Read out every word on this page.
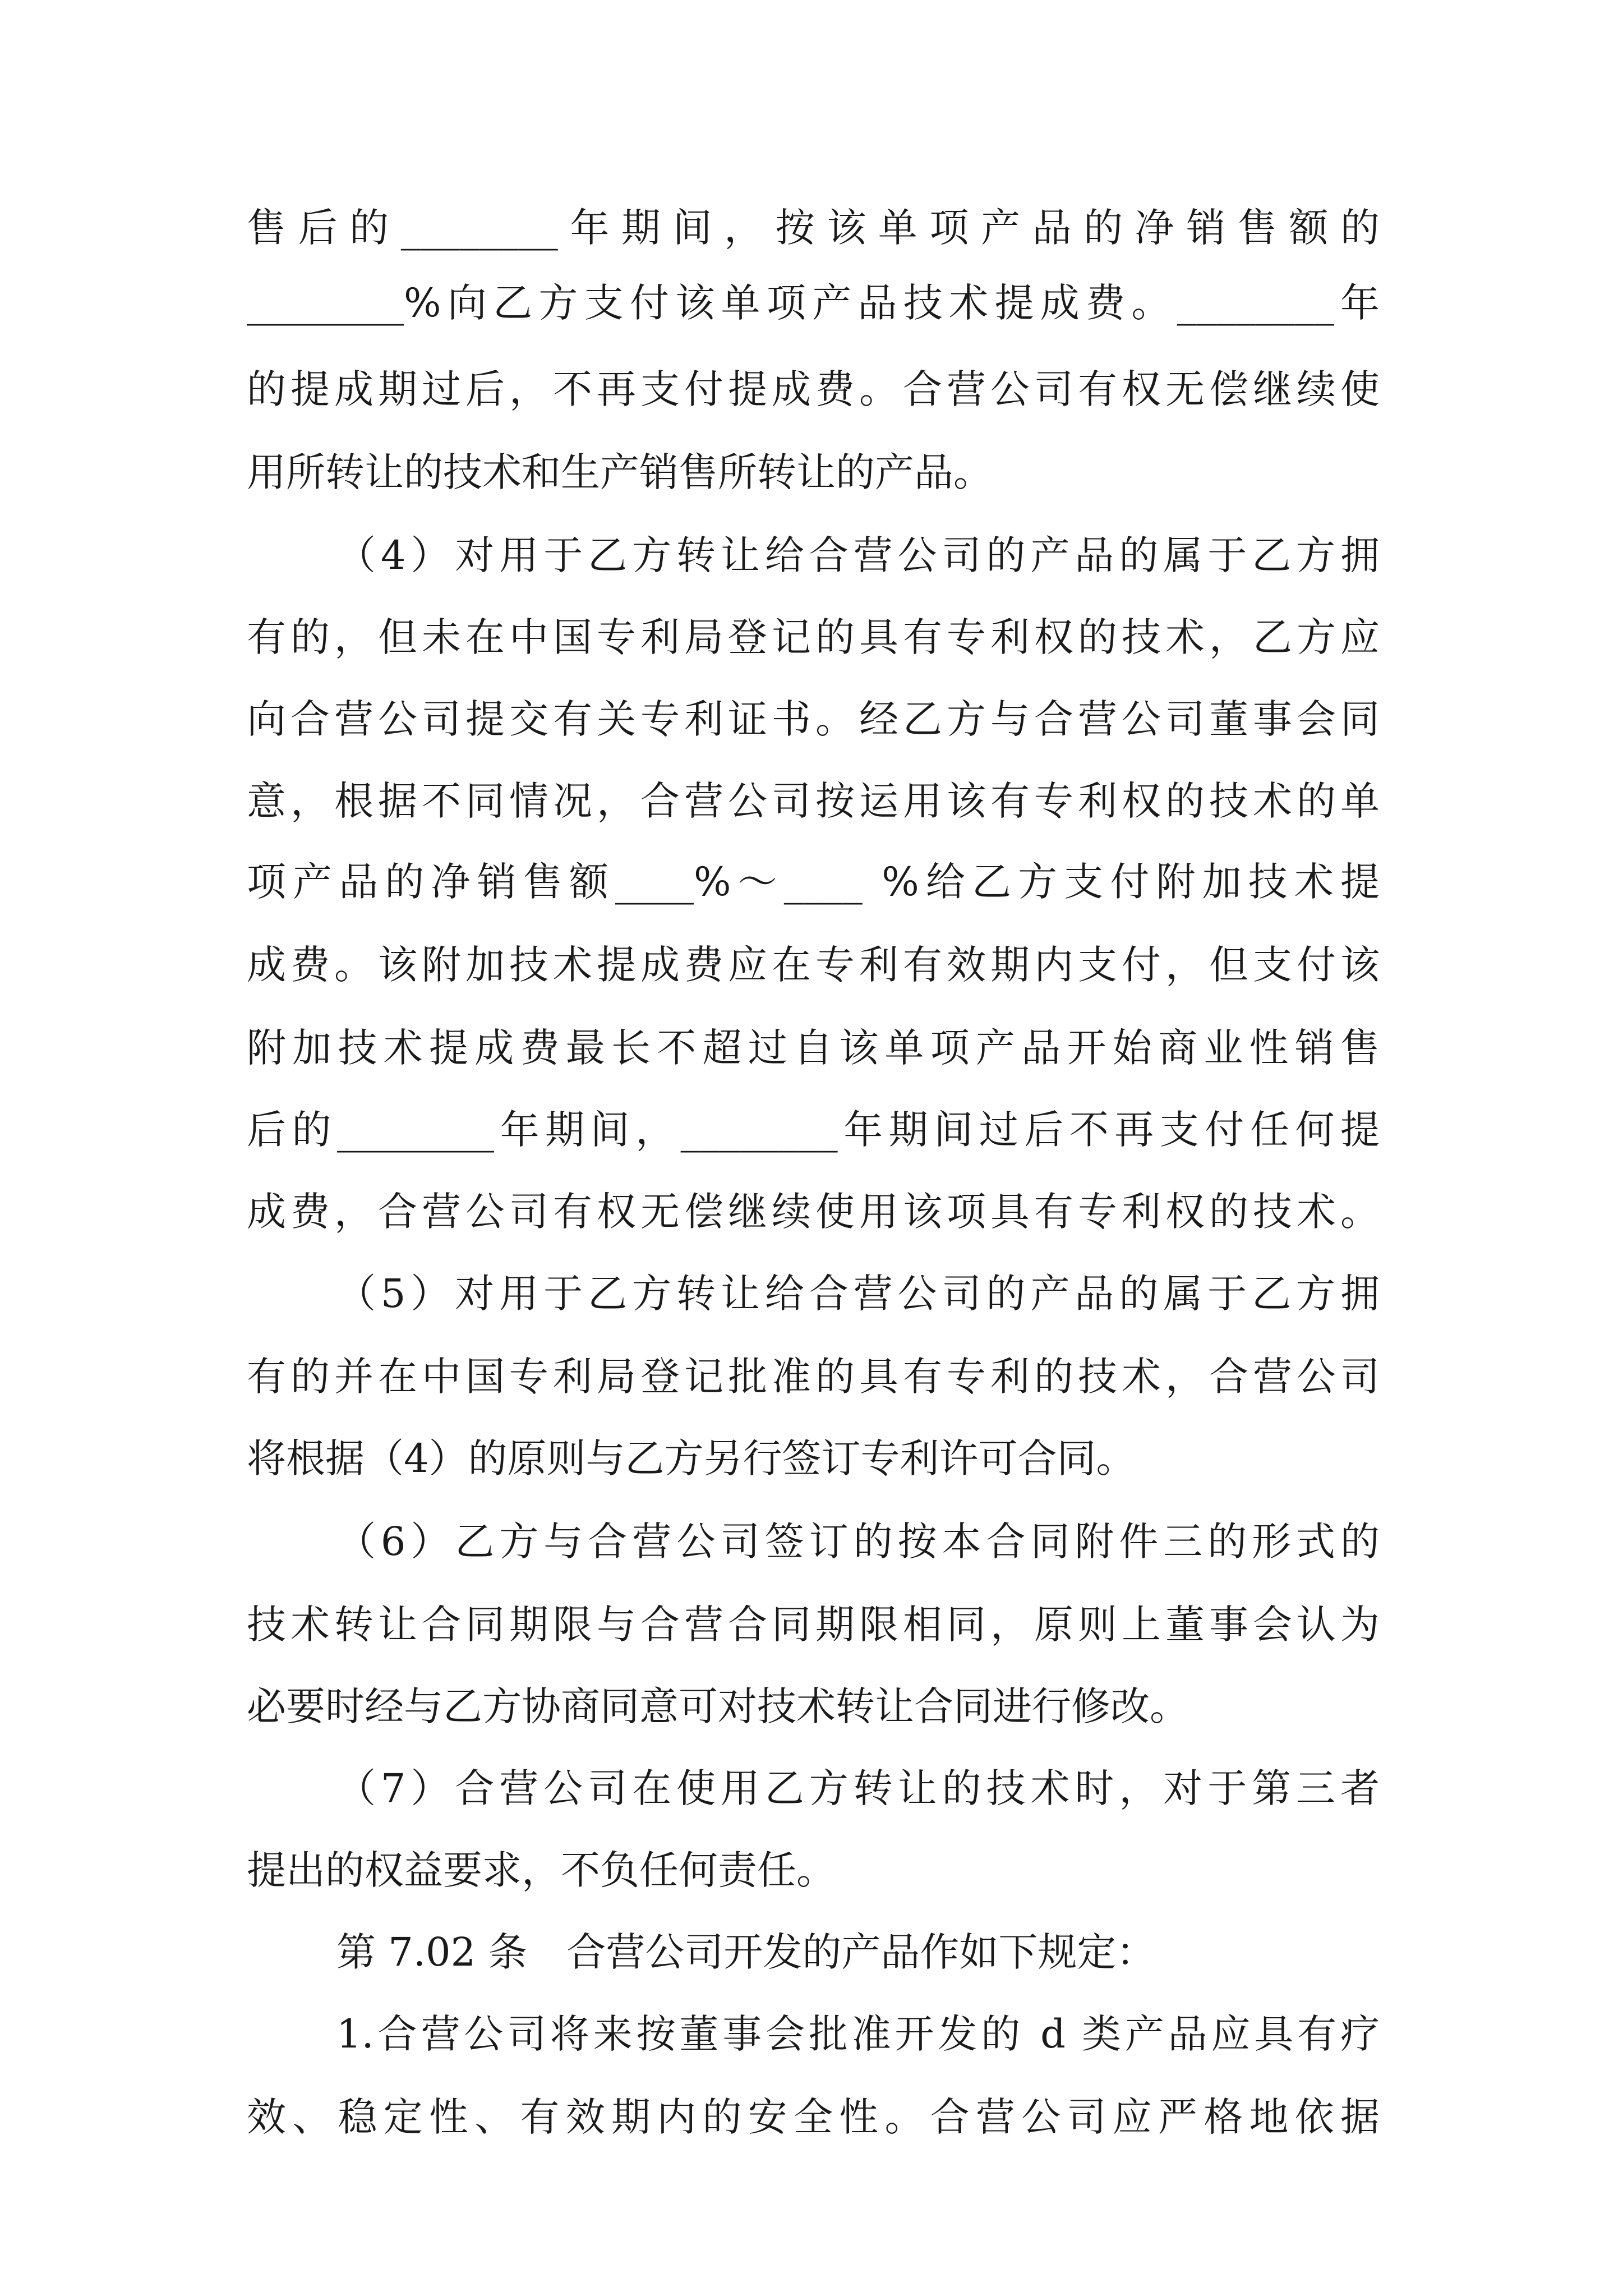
售后的________年期间，按该单项产品的净销售额的
________%向乙方支付该单项产品技术提成费。________年
的提成期过后，不再支付提成费。合营公司有权无偿继续使
用所转让的技术和生产销售所转让的产品。
（4）对用于乙方转让给合营公司的产品的属于乙方拥
有的，但未在中国专利局登记的具有专利权的技术，乙方应
向合营公司提交有关专利证书。经乙方与合营公司董事会同
意，根据不同情况，合营公司按运用该有专利权的技术的单
项产品的净销售额____%～____ %给乙方支付附加技术提
成费。该附加技术提成费应在专利有效期内支付，但支付该
附加技术提成费最长不超过自该单项产品开始商业性销售
后的________年期间，________年期间过后不再支付任何提
成费，合营公司有权无偿继续使用该项具有专利权的技术。
（5）对用于乙方转让给合营公司的产品的属于乙方拥
有的并在中国专利局登记批准的具有专利的技术，合营公司
将根据（4）的原则与乙方另行签订专利许可合同。
（6）乙方与合营公司签订的按本合同附件三的形式的
技术转让合同期限与合营合同期限相同，原则上董事会认为
必要时经与乙方协商同意可对技术转让合同进行修改。
（7）合营公司在使用乙方转让的技术时，对于第三者
提出的权益要求，不负任何责任。
第 7.02 条　合营公司开发的产品作如下规定：
1.合营公司将来按董事会批准开发的 d 类产品应具有疗
效、稳定性、有效期内的安全性。合营公司应严格地依据
